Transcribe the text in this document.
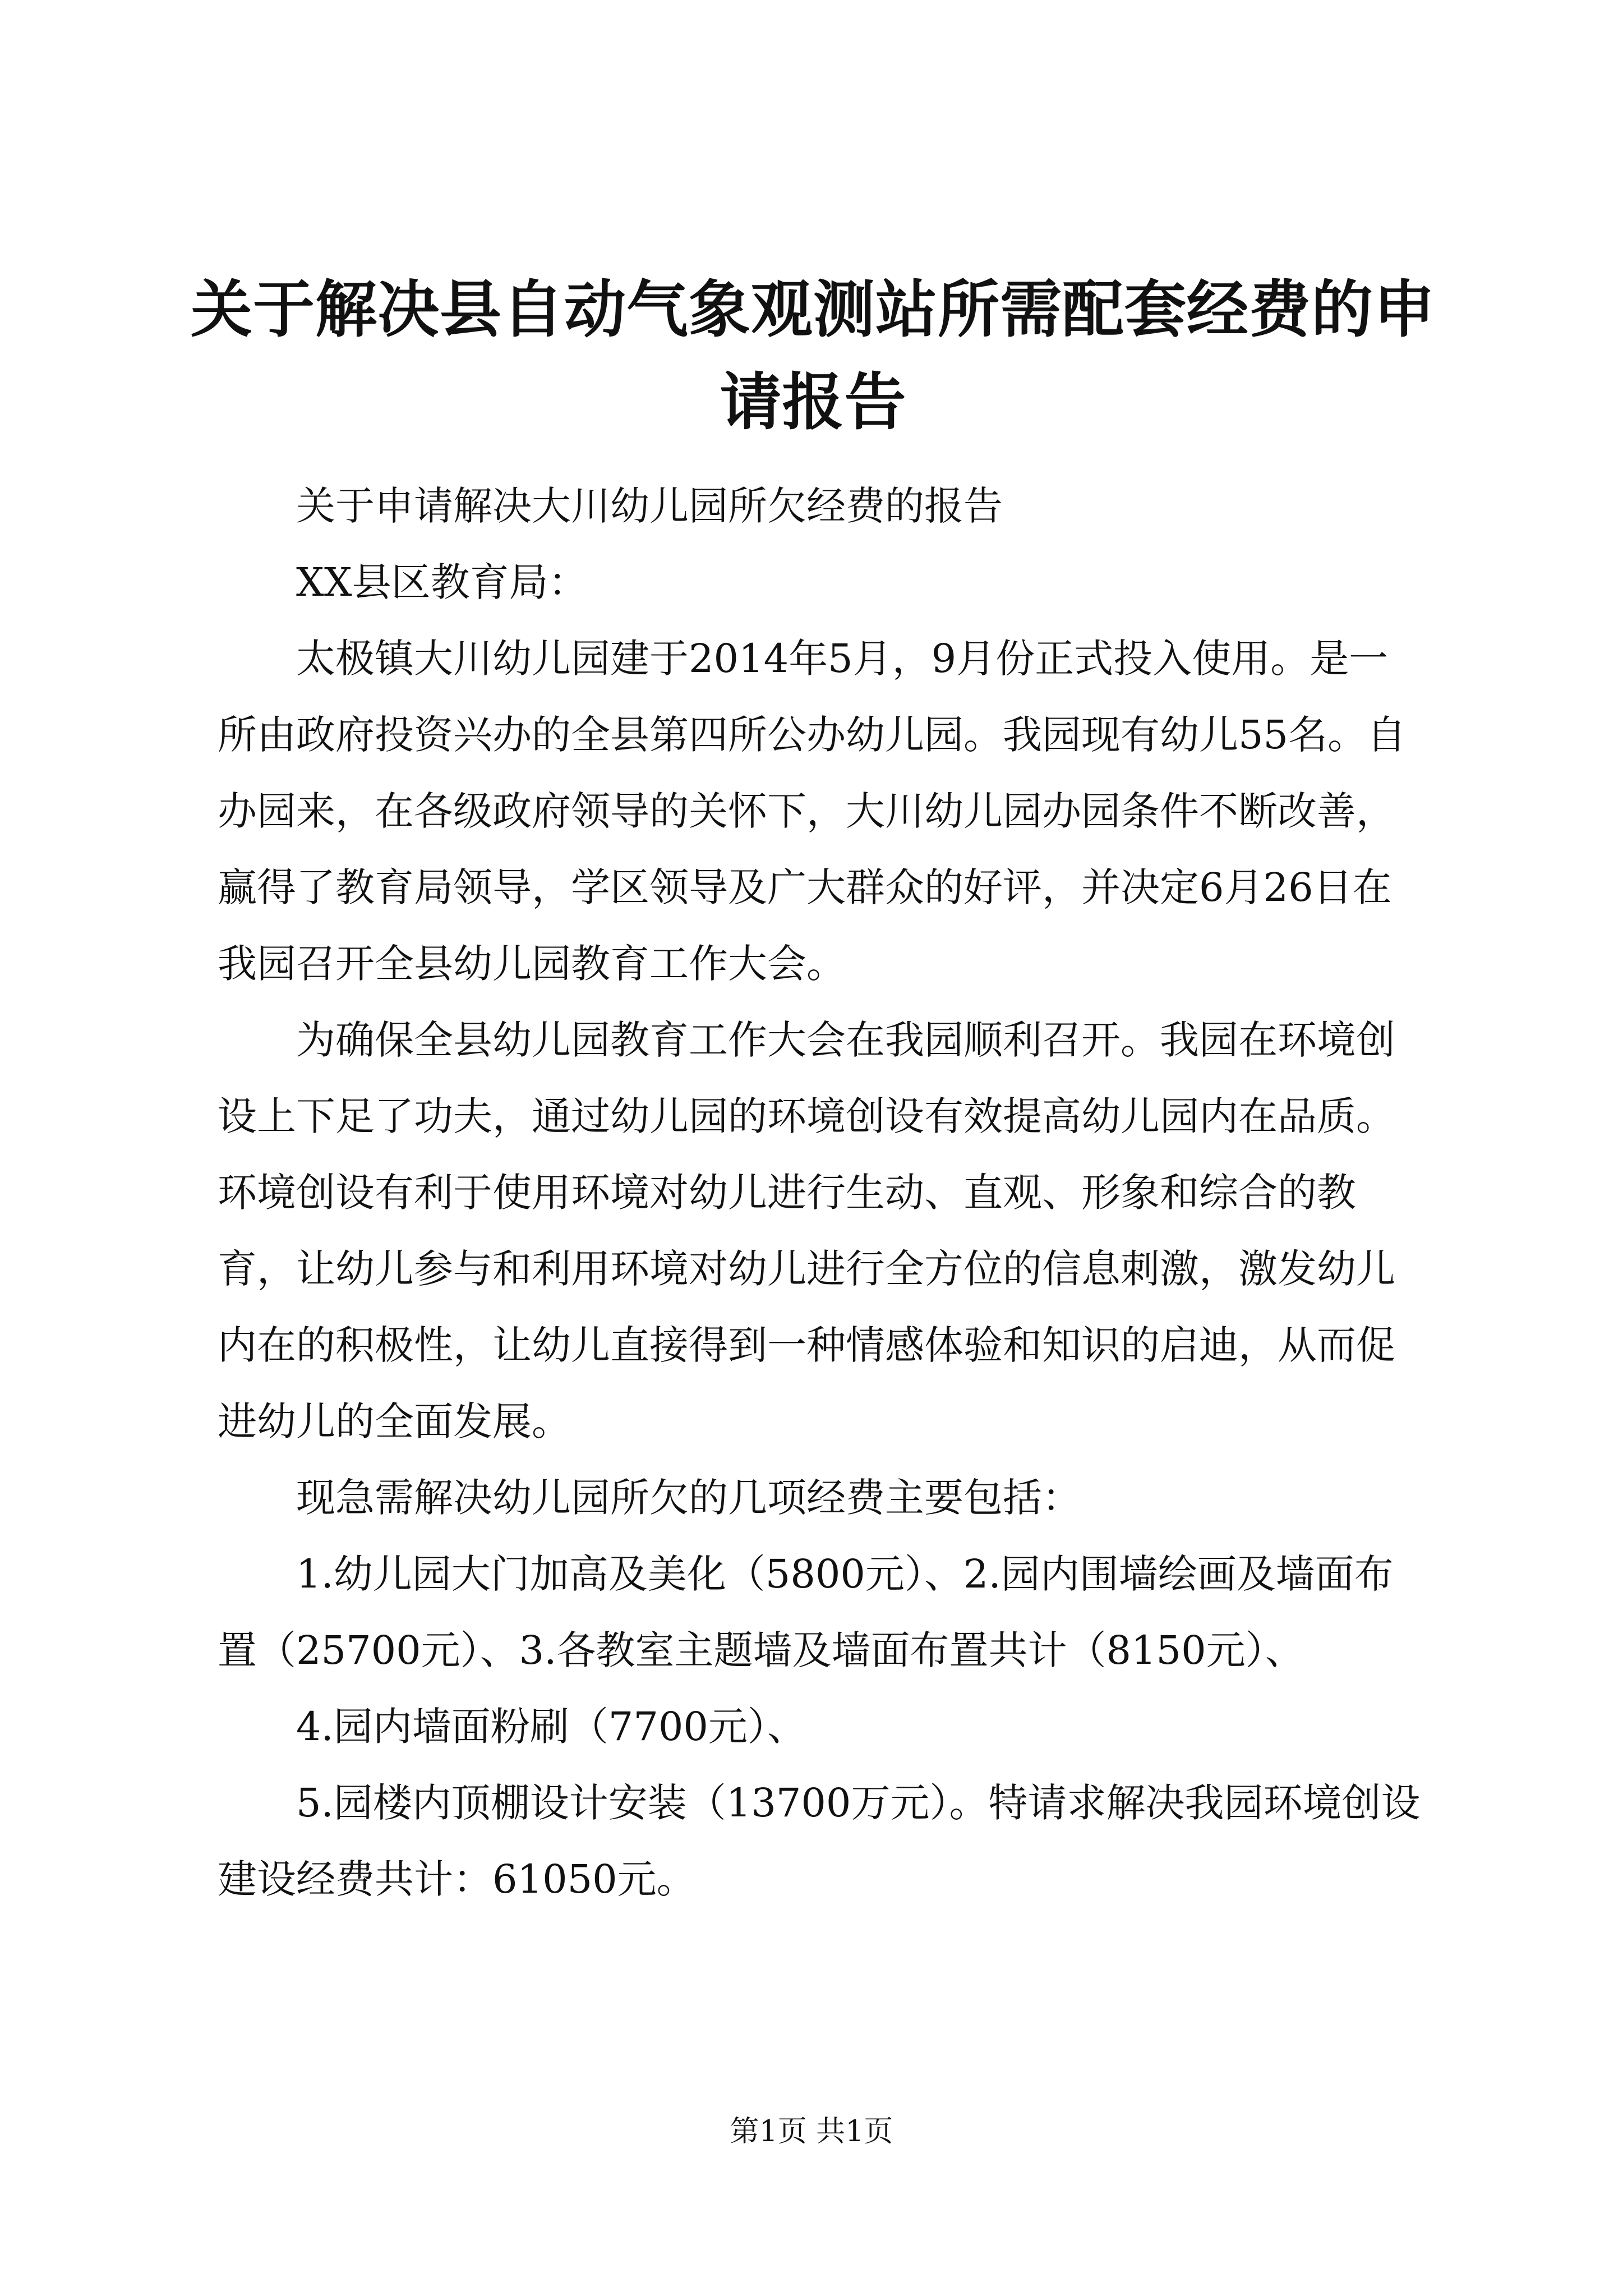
关于解决县自动气象观测站所需配套经费的申
请报告

关于申请解决大川幼儿园所欠经费的报告

XX县区教育局：

太极镇大川幼儿园建于2014年5月，9月份正式投入使用。是一所由政府投资兴办的全县第四所公办幼儿园。我园现有幼儿55名。自办园来，在各级政府领导的关怀下，大川幼儿园办园条件不断改善，赢得了教育局领导，学区领导及广大群众的好评，并决定6月26日在我园召开全县幼儿园教育工作大会。

为确保全县幼儿园教育工作大会在我园顺利召开。我园在环境创设上下足了功夫，通过幼儿园的环境创设有效提高幼儿园内在品质。环境创设有利于使用环境对幼儿进行生动、直观、形象和综合的教育，让幼儿参与和利用环境对幼儿进行全方位的信息刺激，激发幼儿内在的积极性，让幼儿直接得到一种情感体验和知识的启迪，从而促进幼儿的全面发展。

现急需解决幼儿园所欠的几项经费主要包括：

1.幼儿园大门加高及美化（5800元）、2.园内围墙绘画及墙面布置（25700元）、3.各教室主题墙及墙面布置共计（8150元）、

4.园内墙面粉刷（7700元）、

5.园楼内顶棚设计安装（13700万元）。特请求解决我园环境创设建设经费共计：61050元。

第1页 共1页
